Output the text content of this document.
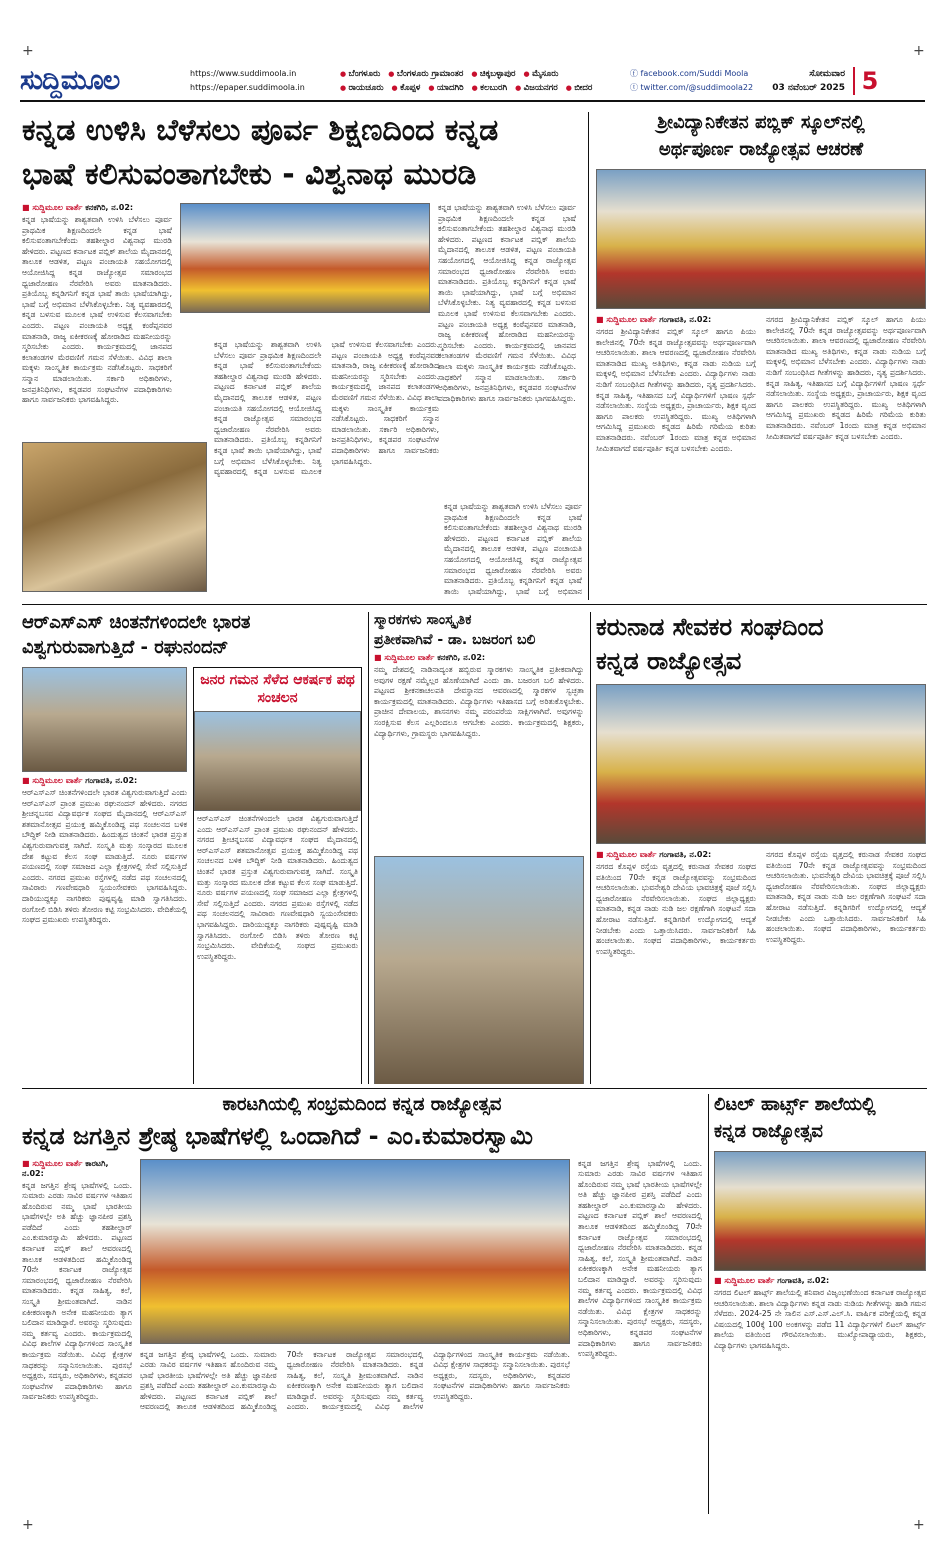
+	+
ಸುದ್ದಿಮೂಲ	https://www.suddimoola.in
https://epaper.suddimoola.in
● ಬೆಂಗಳೂರು ● ಬೆಂಗಳೂರು ಗ್ರಾಮಾಂತರ ● ಚಿಕ್ಕಬಳ್ಳಾಪುರ ● ಮೈಸೂರು
● ರಾಯಚೂರು ● ಕೊಪ್ಪಳ ● ಯಾದಗಿರಿ ● ಕಲಬುರಗಿ ● ವಿಜಯನಗರ ● ಬೀದರ
ⓕ facebook.com/Suddi Moola
ⓣ twitter.com/@suddimoola22
ಸೋಮವಾರ
03 ನವೆಂಬರ್ 2025 5
ಕನ್ನಡ ಉಳಿಸಿ ಬೆಳೆಸಲು ಪೂರ್ವ ಶಿಕ್ಷಣದಿಂದ ಕನ್ನಡ
ಭಾಷೆ ಕಲಿಸುವಂತಾಗಬೇಕು - ವಿಶ್ವನಾಥ ಮುರಡಿ
■ ಸುದ್ದಿಮೂಲ ವಾರ್ತೆ ಕನಕಗಿರಿ, ನ.02:
ಕನ್ನಡ ಭಾಷೆಯನ್ನು ಶಾಶ್ವತವಾಗಿ ಉಳಿಸಿ ಬೆಳೆಸಲು ಪೂರ್ವ ಪ್ರಾಥಮಿಕ ಶಿಕ್ಷಣದಿಂದಲೇ ಕನ್ನಡ ಭಾಷೆ ಕಲಿಸುವಂತಾಗಬೇಕೆಂದು ತಹಶೀಲ್ದಾರ ವಿಶ್ವನಾಥ ಮುರಡಿ ಹೇಳಿದರು. ಪಟ್ಟಣದ ಕರ್ನಾಟಕ ಪಬ್ಲಿಕ್ ಶಾಲೆಯ ಮೈದಾನದಲ್ಲಿ ತಾಲೂಕ ಆಡಳಿತ, ಪಟ್ಟಣ ಪಂಚಾಯತಿ ಸಹಯೋಗದಲ್ಲಿ ಆಯೋಜಿಸಿದ್ದ ಕನ್ನಡ ರಾಜ್ಯೋತ್ಸವ ಸಮಾರಂಭದ ಧ್ವಜಾರೋಹಣ ನೆರವೇರಿಸಿ ಅವರು ಮಾತನಾಡಿದರು. ಪ್ರತಿಯೊಬ್ಬ ಕನ್ನಡಿಗನಿಗೆ ಕನ್ನಡ ಭಾಷೆ ತಾಯಿ ಭಾಷೆಯಾಗಿದ್ದು, ಭಾಷೆ ಬಗ್ಗೆ ಅಭಿಮಾನ ಬೆಳೆಸಿಕೊಳ್ಳಬೇಕು. ನಿತ್ಯ ವ್ಯವಹಾರದಲ್ಲಿ ಕನ್ನಡ ಬಳಸುವ ಮೂಲಕ ಭಾಷೆ ಉಳಿಸುವ ಕೆಲಸವಾಗಬೇಕು ಎಂದರು. ಪಟ್ಟಣ ಪಂಚಾಯತಿ ಅಧ್ಯಕ್ಷ ಕಂಠೆಪ್ಪನವರ ಮಾತನಾಡಿ, ರಾಜ್ಯ ಏಕೀಕರಣಕ್ಕೆ ಹೋರಾಡಿದ ಮಹನೀಯರನ್ನು ಸ್ಮರಿಸಬೇಕು ಎಂದರು. ಕಾರ್ಯಕ್ರಮದಲ್ಲಿ ಜಾನಪದ ಕಲಾತಂಡಗಳ ಮೆರವಣಿಗೆ ಗಮನ ಸೆಳೆಯಿತು. ವಿವಿಧ ಶಾಲಾ ಮಕ್ಕಳು ಸಾಂಸ್ಕೃತಿಕ ಕಾರ್ಯಕ್ರಮ ನಡೆಸಿಕೊಟ್ಟರು. ಸಾಧಕರಿಗೆ ಸನ್ಮಾನ ಮಾಡಲಾಯಿತು. ಸರ್ಕಾರಿ ಅಧಿಕಾರಿಗಳು, ಜನಪ್ರತಿನಿಧಿಗಳು, ಕನ್ನಡಪರ ಸಂಘಟನೆಗಳ ಪದಾಧಿಕಾರಿಗಳು ಹಾಗೂ ಸಾರ್ವಜನಿಕರು ಭಾಗವಹಿಸಿದ್ದರು.
ಕನ್ನಡ ಭಾಷೆಯನ್ನು ಶಾಶ್ವತವಾಗಿ ಉಳಿಸಿ ಬೆಳೆಸಲು ಪೂರ್ವ ಪ್ರಾಥಮಿಕ ಶಿಕ್ಷಣದಿಂದಲೇ ಕನ್ನಡ ಭಾಷೆ ಕಲಿಸುವಂತಾಗಬೇಕೆಂದು ತಹಶೀಲ್ದಾರ ವಿಶ್ವನಾಥ ಮುರಡಿ ಹೇಳಿದರು. ಪಟ್ಟಣದ ಕರ್ನಾಟಕ ಪಬ್ಲಿಕ್ ಶಾಲೆಯ ಮೈದಾನದಲ್ಲಿ ತಾಲೂಕ ಆಡಳಿತ, ಪಟ್ಟಣ ಪಂಚಾಯತಿ ಸಹಯೋಗದಲ್ಲಿ ಆಯೋಜಿಸಿದ್ದ ಕನ್ನಡ ರಾಜ್ಯೋತ್ಸವ ಸಮಾರಂಭದ ಧ್ವಜಾರೋಹಣ ನೆರವೇರಿಸಿ ಅವರು ಮಾತನಾಡಿದರು. ಪ್ರತಿಯೊಬ್ಬ ಕನ್ನಡಿಗನಿಗೆ ಕನ್ನಡ ಭಾಷೆ ತಾಯಿ ಭಾಷೆಯಾಗಿದ್ದು, ಭಾಷೆ ಬಗ್ಗೆ ಅಭಿಮಾನ ಬೆಳೆಸಿಕೊಳ್ಳಬೇಕು. ನಿತ್ಯ ವ್ಯವಹಾರದಲ್ಲಿ ಕನ್ನಡ ಬಳಸುವ ಮೂಲಕ ಭಾಷೆ ಉಳಿಸುವ ಕೆಲಸವಾಗಬೇಕು ಎಂದರು. ಪಟ್ಟಣ ಪಂಚಾಯತಿ ಅಧ್ಯಕ್ಷ ಕಂಠೆಪ್ಪನವರ ಮಾತನಾಡಿ, ರಾಜ್ಯ ಏಕೀಕರಣಕ್ಕೆ ಹೋರಾಡಿದ ಮಹನೀಯರನ್ನು ಸ್ಮರಿಸಬೇಕು ಎಂದರು. ಕಾರ್ಯಕ್ರಮದಲ್ಲಿ ಜಾನಪದ ಕಲಾತಂಡಗಳ ಮೆರವಣಿಗೆ ಗಮನ ಸೆಳೆಯಿತು. ವಿವಿಧ ಶಾಲಾ ಮಕ್ಕಳು ಸಾಂಸ್ಕೃತಿಕ ಕಾರ್ಯಕ್ರಮ ನಡೆಸಿಕೊಟ್ಟರು. ಸಾಧಕರಿಗೆ ಸನ್ಮಾನ ಮಾಡಲಾಯಿತು. ಸರ್ಕಾರಿ ಅಧಿಕಾರಿಗಳು, ಜನಪ್ರತಿನಿಧಿಗಳು, ಕನ್ನಡಪರ ಸಂಘಟನೆಗಳ ಪದಾಧಿಕಾರಿಗಳು ಹಾಗೂ ಸಾರ್ವಜನಿಕರು ಭಾಗವಹಿಸಿದ್ದರು.
ಕನ್ನಡ ಭಾಷೆಯನ್ನು ಶಾಶ್ವತವಾಗಿ ಉಳಿಸಿ ಬೆಳೆಸಲು ಪೂರ್ವ ಪ್ರಾಥಮಿಕ ಶಿಕ್ಷಣದಿಂದಲೇ ಕನ್ನಡ ಭಾಷೆ ಕಲಿಸುವಂತಾಗಬೇಕೆಂದು ತಹಶೀಲ್ದಾರ ವಿಶ್ವನಾಥ ಮುರಡಿ ಹೇಳಿದರು. ಪಟ್ಟಣದ ಕರ್ನಾಟಕ ಪಬ್ಲಿಕ್ ಶಾಲೆಯ ಮೈದಾನದಲ್ಲಿ ತಾಲೂಕ ಆಡಳಿತ, ಪಟ್ಟಣ ಪಂಚಾಯತಿ ಸಹಯೋಗದಲ್ಲಿ ಆಯೋಜಿಸಿದ್ದ ಕನ್ನಡ ರಾಜ್ಯೋತ್ಸವ ಸಮಾರಂಭದ ಧ್ವಜಾರೋಹಣ ನೆರವೇರಿಸಿ ಅವರು ಮಾತನಾಡಿದರು. ಪ್ರತಿಯೊಬ್ಬ ಕನ್ನಡಿಗನಿಗೆ ಕನ್ನಡ ಭಾಷೆ ತಾಯಿ ಭಾಷೆಯಾಗಿದ್ದು, ಭಾಷೆ ಬಗ್ಗೆ ಅಭಿಮಾನ ಬೆಳೆಸಿಕೊಳ್ಳಬೇಕು. ನಿತ್ಯ ವ್ಯವಹಾರದಲ್ಲಿ ಕನ್ನಡ ಬಳಸುವ ಮೂಲಕ ಭಾಷೆ ಉಳಿಸುವ ಕೆಲಸವಾಗಬೇಕು ಎಂದರು. ಪಟ್ಟಣ ಪಂಚಾಯತಿ ಅಧ್ಯಕ್ಷ ಕಂಠೆಪ್ಪನವರ ಮಾತನಾಡಿ, ರಾಜ್ಯ ಏಕೀಕರಣಕ್ಕೆ ಹೋರಾಡಿದ ಮಹನೀಯರನ್ನು ಸ್ಮರಿಸಬೇಕು ಎಂದರು. ಕಾರ್ಯಕ್ರಮದಲ್ಲಿ ಜಾನಪದ ಕಲಾತಂಡಗಳ ಮೆರವಣಿಗೆ ಗಮನ ಸೆಳೆಯಿತು. ವಿವಿಧ ಶಾಲಾ ಮಕ್ಕಳು ಸಾಂಸ್ಕೃತಿಕ ಕಾರ್ಯಕ್ರಮ ನಡೆಸಿಕೊಟ್ಟರು. ಸಾಧಕರಿಗೆ ಸನ್ಮಾನ ಮಾಡಲಾಯಿತು. ಸರ್ಕಾರಿ ಅಧಿಕಾರಿಗಳು, ಜನಪ್ರತಿನಿಧಿಗಳು, ಕನ್ನಡಪರ ಸಂಘಟನೆಗಳ ಪದಾಧಿಕಾರಿಗಳು ಹಾಗೂ ಸಾರ್ವಜನಿಕರು ಭಾಗವಹಿಸಿದ್ದರು.
ಕನ್ನಡ ಭಾಷೆಯನ್ನು ಶಾಶ್ವತವಾಗಿ ಉಳಿಸಿ ಬೆಳೆಸಲು ಪೂರ್ವ ಪ್ರಾಥಮಿಕ ಶಿಕ್ಷಣದಿಂದಲೇ ಕನ್ನಡ ಭಾಷೆ ಕಲಿಸುವಂತಾಗಬೇಕೆಂದು ತಹಶೀಲ್ದಾರ ವಿಶ್ವನಾಥ ಮುರಡಿ ಹೇಳಿದರು. ಪಟ್ಟಣದ ಕರ್ನಾಟಕ ಪಬ್ಲಿಕ್ ಶಾಲೆಯ ಮೈದಾನದಲ್ಲಿ ತಾಲೂಕ ಆಡಳಿತ, ಪಟ್ಟಣ ಪಂಚಾಯತಿ ಸಹಯೋಗದಲ್ಲಿ ಆಯೋಜಿಸಿದ್ದ ಕನ್ನಡ ರಾಜ್ಯೋತ್ಸವ ಸಮಾರಂಭದ ಧ್ವಜಾರೋಹಣ ನೆರವೇರಿಸಿ ಅವರು ಮಾತನಾಡಿದರು. ಪ್ರತಿಯೊಬ್ಬ ಕನ್ನಡಿಗನಿಗೆ ಕನ್ನಡ ಭಾಷೆ ತಾಯಿ ಭಾಷೆಯಾಗಿದ್ದು, ಭಾಷೆ ಬಗ್ಗೆ ಅಭಿಮಾನ
ಶ್ರೀವಿದ್ಯಾನಿಕೇತನ ಪಬ್ಲಿಕ್ ಸ್ಕೂಲ್‌ನಲ್ಲಿ
ಅರ್ಥಪೂರ್ಣ ರಾಜ್ಯೋತ್ಸವ ಆಚರಣೆ
■ ಸುದ್ದಿಮೂಲ ವಾರ್ತೆ ಗಂಗಾವತಿ, ನ.02:
ನಗರದ ಶ್ರೀವಿದ್ಯಾನಿಕೇತನ ಪಬ್ಲಿಕ್ ಸ್ಕೂಲ್ ಹಾಗೂ ಪಿಯು ಕಾಲೇಜಿನಲ್ಲಿ 70ನೇ ಕನ್ನಡ ರಾಜ್ಯೋತ್ಸವವನ್ನು ಅರ್ಥಪೂರ್ಣವಾಗಿ ಆಚರಿಸಲಾಯಿತು. ಶಾಲಾ ಆವರಣದಲ್ಲಿ ಧ್ವಜಾರೋಹಣ ನೆರವೇರಿಸಿ ಮಾತನಾಡಿದ ಮುಖ್ಯ ಅತಿಥಿಗಳು, ಕನ್ನಡ ನಾಡು ನುಡಿಯ ಬಗ್ಗೆ ಮಕ್ಕಳಲ್ಲಿ ಅಭಿಮಾನ ಬೆಳೆಸಬೇಕು ಎಂದರು. ವಿದ್ಯಾರ್ಥಿಗಳು ನಾಡು ನುಡಿಗೆ ಸಂಬಂಧಿಸಿದ ಗೀತೆಗಳನ್ನು ಹಾಡಿದರು, ನೃತ್ಯ ಪ್ರದರ್ಶಿಸಿದರು. ಕನ್ನಡ ಸಾಹಿತ್ಯ, ಇತಿಹಾಸದ ಬಗ್ಗೆ ವಿದ್ಯಾರ್ಥಿಗಳಿಗೆ ಭಾಷಣ ಸ್ಪರ್ಧೆ ನಡೆಸಲಾಯಿತು. ಸಂಸ್ಥೆಯ ಅಧ್ಯಕ್ಷರು, ಪ್ರಾಚಾರ್ಯರು, ಶಿಕ್ಷಕ ವೃಂದ ಹಾಗೂ ಪಾಲಕರು ಉಪಸ್ಥಿತರಿದ್ದರು. ಮುಖ್ಯ ಅತಿಥಿಗಳಾಗಿ ಆಗಮಿಸಿದ್ದ ಪ್ರಮುಖರು ಕನ್ನಡದ ಹಿರಿಮೆ ಗರಿಮೆಯ ಕುರಿತು ಮಾತನಾಡಿದರು. ನವೆಂಬರ್ 1ರಂದು ಮಾತ್ರ ಕನ್ನಡ ಅಭಿಮಾನ ಸೀಮಿತವಾಗದೆ ವರ್ಷಪೂರ್ತಿ ಕನ್ನಡ ಬಳಸಬೇಕು ಎಂದರು.
ನಗರದ ಶ್ರೀವಿದ್ಯಾನಿಕೇತನ ಪಬ್ಲಿಕ್ ಸ್ಕೂಲ್ ಹಾಗೂ ಪಿಯು ಕಾಲೇಜಿನಲ್ಲಿ 70ನೇ ಕನ್ನಡ ರಾಜ್ಯೋತ್ಸವವನ್ನು ಅರ್ಥಪೂರ್ಣವಾಗಿ ಆಚರಿಸಲಾಯಿತು. ಶಾಲಾ ಆವರಣದಲ್ಲಿ ಧ್ವಜಾರೋಹಣ ನೆರವೇರಿಸಿ ಮಾತನಾಡಿದ ಮುಖ್ಯ ಅತಿಥಿಗಳು, ಕನ್ನಡ ನಾಡು ನುಡಿಯ ಬಗ್ಗೆ ಮಕ್ಕಳಲ್ಲಿ ಅಭಿಮಾನ ಬೆಳೆಸಬೇಕು ಎಂದರು. ವಿದ್ಯಾರ್ಥಿಗಳು ನಾಡು ನುಡಿಗೆ ಸಂಬಂಧಿಸಿದ ಗೀತೆಗಳನ್ನು ಹಾಡಿದರು, ನೃತ್ಯ ಪ್ರದರ್ಶಿಸಿದರು. ಕನ್ನಡ ಸಾಹಿತ್ಯ, ಇತಿಹಾಸದ ಬಗ್ಗೆ ವಿದ್ಯಾರ್ಥಿಗಳಿಗೆ ಭಾಷಣ ಸ್ಪರ್ಧೆ ನಡೆಸಲಾಯಿತು. ಸಂಸ್ಥೆಯ ಅಧ್ಯಕ್ಷರು, ಪ್ರಾಚಾರ್ಯರು, ಶಿಕ್ಷಕ ವೃಂದ ಹಾಗೂ ಪಾಲಕರು ಉಪಸ್ಥಿತರಿದ್ದರು. ಮುಖ್ಯ ಅತಿಥಿಗಳಾಗಿ ಆಗಮಿಸಿದ್ದ ಪ್ರಮುಖರು ಕನ್ನಡದ ಹಿರಿಮೆ ಗರಿಮೆಯ ಕುರಿತು ಮಾತನಾಡಿದರು. ನವೆಂಬರ್ 1ರಂದು ಮಾತ್ರ ಕನ್ನಡ ಅಭಿಮಾನ ಸೀಮಿತವಾಗದೆ ವರ್ಷಪೂರ್ತಿ ಕನ್ನಡ ಬಳಸಬೇಕು ಎಂದರು.
ಆರ್‌ಎಸ್‌ಎಸ್ ಚಿಂತನೆಗಳಿಂದಲೇ ಭಾರತ
ವಿಶ್ವಗುರುವಾಗುತ್ತಿದೆ - ರಘುನಂದನ್
■ ಸುದ್ದಿಮೂಲ ವಾರ್ತೆ ಗಂಗಾವತಿ, ನ.02:
ಆರ್‌ಎಸ್‌ಎಸ್ ಚಿಂತನೆಗಳಿಂದಲೇ ಭಾರತ ವಿಶ್ವಗುರುವಾಗುತ್ತಿದೆ ಎಂದು ಆರ್‌ಎಸ್‌ಎಸ್ ಪ್ರಾಂತ ಪ್ರಮುಖ ರಘುನಂದನ್ ಹೇಳಿದರು. ನಗರದ ಶ್ರೀಚನ್ನಬಸವ ವಿದ್ಯಾವರ್ಧಕ ಸಂಘದ ಮೈದಾನದಲ್ಲಿ ಆರ್‌ಎಸ್‌ಎಸ್ ಶತಮಾನೋತ್ಸವ ಪ್ರಯುಕ್ತ ಹಮ್ಮಿಕೊಂಡಿದ್ದ ಪಥ ಸಂಚಲನದ ಬಳಿಕ ಬೌದ್ಧಿಕ್ ನೀಡಿ ಮಾತನಾಡಿದರು. ಹಿಂದುತ್ವದ ಚಿಂತನೆ ಭಾರತ ಪ್ರಸ್ತುತ ವಿಶ್ವಗುರುವಾಗುವತ್ತ ಸಾಗಿದೆ. ಸಂಸ್ಕೃತಿ ಮತ್ತು ಸಂಸ್ಕಾರದ ಮೂಲಕ ದೇಶ ಕಟ್ಟುವ ಕೆಲಸ ಸಂಘ ಮಾಡುತ್ತಿದೆ. ನೂರು ವರ್ಷಗಳ ಪಯಣದಲ್ಲಿ ಸಂಘ ಸಮಾಜದ ಎಲ್ಲಾ ಕ್ಷೇತ್ರಗಳಲ್ಲಿ ಸೇವೆ ಸಲ್ಲಿಸುತ್ತಿದೆ ಎಂದರು. ನಗರದ ಪ್ರಮುಖ ರಸ್ತೆಗಳಲ್ಲಿ ನಡೆದ ಪಥ ಸಂಚಲನದಲ್ಲಿ ಸಾವಿರಾರು ಗಣವೇಷಧಾರಿ ಸ್ವಯಂಸೇವಕರು ಭಾಗವಹಿಸಿದ್ದರು. ದಾರಿಯುದ್ದಕ್ಕೂ ನಾಗರಿಕರು ಪುಷ್ಪವೃಷ್ಟಿ ಮಾಡಿ ಸ್ವಾಗತಿಸಿದರು. ರಂಗೋಲಿ ಬಿಡಿಸಿ ತಳಿರು ತೋರಣ ಕಟ್ಟಿ ಸಂಭ್ರಮಿಸಿದರು. ವೇದಿಕೆಯಲ್ಲಿ ಸಂಘದ ಪ್ರಮುಖರು ಉಪಸ್ಥಿತರಿದ್ದರು.
ಜನರ ಗಮನ ಸೆಳೆದ ಆಕರ್ಷಕ ಪಥ ಸಂಚಲನ
ಆರ್‌ಎಸ್‌ಎಸ್ ಚಿಂತನೆಗಳಿಂದಲೇ ಭಾರತ ವಿಶ್ವಗುರುವಾಗುತ್ತಿದೆ ಎಂದು ಆರ್‌ಎಸ್‌ಎಸ್ ಪ್ರಾಂತ ಪ್ರಮುಖ ರಘುನಂದನ್ ಹೇಳಿದರು. ನಗರದ ಶ್ರೀಚನ್ನಬಸವ ವಿದ್ಯಾವರ್ಧಕ ಸಂಘದ ಮೈದಾನದಲ್ಲಿ ಆರ್‌ಎಸ್‌ಎಸ್ ಶತಮಾನೋತ್ಸವ ಪ್ರಯುಕ್ತ ಹಮ್ಮಿಕೊಂಡಿದ್ದ ಪಥ ಸಂಚಲನದ ಬಳಿಕ ಬೌದ್ಧಿಕ್ ನೀಡಿ ಮಾತನಾಡಿದರು. ಹಿಂದುತ್ವದ ಚಿಂತನೆ ಭಾರತ ಪ್ರಸ್ತುತ ವಿಶ್ವಗುರುವಾಗುವತ್ತ ಸಾಗಿದೆ. ಸಂಸ್ಕೃತಿ ಮತ್ತು ಸಂಸ್ಕಾರದ ಮೂಲಕ ದೇಶ ಕಟ್ಟುವ ಕೆಲಸ ಸಂಘ ಮಾಡುತ್ತಿದೆ. ನೂರು ವರ್ಷಗಳ ಪಯಣದಲ್ಲಿ ಸಂಘ ಸಮಾಜದ ಎಲ್ಲಾ ಕ್ಷೇತ್ರಗಳಲ್ಲಿ ಸೇವೆ ಸಲ್ಲಿಸುತ್ತಿದೆ ಎಂದರು. ನಗರದ ಪ್ರಮುಖ ರಸ್ತೆಗಳಲ್ಲಿ ನಡೆದ ಪಥ ಸಂಚಲನದಲ್ಲಿ ಸಾವಿರಾರು ಗಣವೇಷಧಾರಿ ಸ್ವಯಂಸೇವಕರು ಭಾಗವಹಿಸಿದ್ದರು. ದಾರಿಯುದ್ದಕ್ಕೂ ನಾಗರಿಕರು ಪುಷ್ಪವೃಷ್ಟಿ ಮಾಡಿ ಸ್ವಾಗತಿಸಿದರು. ರಂಗೋಲಿ ಬಿಡಿಸಿ ತಳಿರು ತೋರಣ ಕಟ್ಟಿ ಸಂಭ್ರಮಿಸಿದರು. ವೇದಿಕೆಯಲ್ಲಿ ಸಂಘದ ಪ್ರಮುಖರು ಉಪಸ್ಥಿತರಿದ್ದರು.
ಸ್ಮಾರಕಗಳು ಸಾಂಸ್ಕೃತಿಕ
ಪ್ರತೀಕವಾಗಿವೆ - ಡಾ. ಬಜರಂಗ ಬಲಿ
■ ಸುದ್ದಿಮೂಲ ವಾರ್ತೆ ಕನಕಗಿರಿ, ನ.02:
ನಮ್ಮ ದೇಶದಲ್ಲಿ ನಾಡಿನಾದ್ಯಂತ ಹಬ್ಬಿರುವ ಸ್ಮಾರಕಗಳು ಸಾಂಸ್ಕೃತಿಕ ಪ್ರತೀಕವಾಗಿದ್ದು ಅವುಗಳ ರಕ್ಷಣೆ ನಮ್ಮೆಲ್ಲರ ಹೊಣೆಯಾಗಿದೆ ಎಂದು ಡಾ. ಬಜರಂಗ ಬಲಿ ಹೇಳಿದರು. ಪಟ್ಟಣದ ಶ್ರೀಕನಕಾಚಲಪತಿ ದೇವಸ್ಥಾನದ ಆವರಣದಲ್ಲಿ ಸ್ಮಾರಕಗಳ ಸ್ವಚ್ಛತಾ ಕಾರ್ಯಕ್ರಮದಲ್ಲಿ ಮಾತನಾಡಿದರು. ವಿದ್ಯಾರ್ಥಿಗಳು ಇತಿಹಾಸದ ಬಗ್ಗೆ ಅರಿತುಕೊಳ್ಳಬೇಕು. ಪ್ರಾಚೀನ ದೇವಾಲಯ, ಶಾಸನಗಳು ನಮ್ಮ ಪರಂಪರೆಯ ಸಾಕ್ಷಿಗಳಾಗಿವೆ. ಅವುಗಳನ್ನು ಸಂರಕ್ಷಿಸುವ ಕೆಲಸ ಎಲ್ಲರಿಂದಲೂ ಆಗಬೇಕು ಎಂದರು. ಕಾರ್ಯಕ್ರಮದಲ್ಲಿ ಶಿಕ್ಷಕರು, ವಿದ್ಯಾರ್ಥಿಗಳು, ಗ್ರಾಮಸ್ಥರು ಭಾಗವಹಿಸಿದ್ದರು.
ಕರುನಾಡ ಸೇವಕರ ಸಂಘದಿಂದ
ಕನ್ನಡ ರಾಜ್ಯೋತ್ಸವ
■ ಸುದ್ದಿಮೂಲ ವಾರ್ತೆ ಗಂಗಾವತಿ, ನ.02:
ನಗರದ ಕೊಪ್ಪಳ ರಸ್ತೆಯ ವೃತ್ತದಲ್ಲಿ ಕರುನಾಡ ಸೇವಕರ ಸಂಘದ ವತಿಯಿಂದ 70ನೇ ಕನ್ನಡ ರಾಜ್ಯೋತ್ಸವವನ್ನು ಸಂಭ್ರಮದಿಂದ ಆಚರಿಸಲಾಯಿತು. ಭುವನೇಶ್ವರಿ ದೇವಿಯ ಭಾವಚಿತ್ರಕ್ಕೆ ಪೂಜೆ ಸಲ್ಲಿಸಿ ಧ್ವಜಾರೋಹಣ ನೆರವೇರಿಸಲಾಯಿತು. ಸಂಘದ ಜಿಲ್ಲಾಧ್ಯಕ್ಷರು ಮಾತನಾಡಿ, ಕನ್ನಡ ನಾಡು ನುಡಿ ಜಲ ರಕ್ಷಣೆಗಾಗಿ ಸಂಘಟನೆ ಸದಾ ಹೋರಾಟ ನಡೆಸುತ್ತಿದೆ. ಕನ್ನಡಿಗರಿಗೆ ಉದ್ಯೋಗದಲ್ಲಿ ಆದ್ಯತೆ ನೀಡಬೇಕು ಎಂದು ಒತ್ತಾಯಿಸಿದರು. ಸಾರ್ವಜನಿಕರಿಗೆ ಸಿಹಿ ಹಂಚಲಾಯಿತು. ಸಂಘದ ಪದಾಧಿಕಾರಿಗಳು, ಕಾರ್ಯಕರ್ತರು ಉಪಸ್ಥಿತರಿದ್ದರು.
ನಗರದ ಕೊಪ್ಪಳ ರಸ್ತೆಯ ವೃತ್ತದಲ್ಲಿ ಕರುನಾಡ ಸೇವಕರ ಸಂಘದ ವತಿಯಿಂದ 70ನೇ ಕನ್ನಡ ರಾಜ್ಯೋತ್ಸವವನ್ನು ಸಂಭ್ರಮದಿಂದ ಆಚರಿಸಲಾಯಿತು. ಭುವನೇಶ್ವರಿ ದೇವಿಯ ಭಾವಚಿತ್ರಕ್ಕೆ ಪೂಜೆ ಸಲ್ಲಿಸಿ ಧ್ವಜಾರೋಹಣ ನೆರವೇರಿಸಲಾಯಿತು. ಸಂಘದ ಜಿಲ್ಲಾಧ್ಯಕ್ಷರು ಮಾತನಾಡಿ, ಕನ್ನಡ ನಾಡು ನುಡಿ ಜಲ ರಕ್ಷಣೆಗಾಗಿ ಸಂಘಟನೆ ಸದಾ ಹೋರಾಟ ನಡೆಸುತ್ತಿದೆ. ಕನ್ನಡಿಗರಿಗೆ ಉದ್ಯೋಗದಲ್ಲಿ ಆದ್ಯತೆ ನೀಡಬೇಕು ಎಂದು ಒತ್ತಾಯಿಸಿದರು. ಸಾರ್ವಜನಿಕರಿಗೆ ಸಿಹಿ ಹಂಚಲಾಯಿತು. ಸಂಘದ ಪದಾಧಿಕಾರಿಗಳು, ಕಾರ್ಯಕರ್ತರು ಉಪಸ್ಥಿತರಿದ್ದರು.
ಕಾರಟಗಿಯಲ್ಲಿ ಸಂಭ್ರಮದಿಂದ ಕನ್ನಡ ರಾಜ್ಯೋತ್ಸವ
ಕನ್ನಡ ಜಗತ್ತಿನ ಶ್ರೇಷ್ಠ ಭಾಷೆಗಳಲ್ಲಿ ಒಂದಾಗಿದೆ - ಎಂ.ಕುಮಾರಸ್ವಾಮಿ
■ ಸುದ್ದಿಮೂಲ ವಾರ್ತೆ ಕಾರಟಗಿ, ನ.02:
ಕನ್ನಡ ಜಗತ್ತಿನ ಶ್ರೇಷ್ಠ ಭಾಷೆಗಳಲ್ಲಿ ಒಂದು. ಸುಮಾರು ಎರಡು ಸಾವಿರ ವರ್ಷಗಳ ಇತಿಹಾಸ ಹೊಂದಿರುವ ನಮ್ಮ ಭಾಷೆ ಭಾರತೀಯ ಭಾಷೆಗಳಲ್ಲೇ ಅತಿ ಹೆಚ್ಚು ಜ್ಞಾನಪೀಠ ಪ್ರಶಸ್ತಿ ಪಡೆದಿದೆ ಎಂದು ತಹಶೀಲ್ದಾರ್ ಎಂ.ಕುಮಾರಸ್ವಾಮಿ ಹೇಳಿದರು. ಪಟ್ಟಣದ ಕರ್ನಾಟಕ ಪಬ್ಲಿಕ್ ಶಾಲೆ ಆವರಣದಲ್ಲಿ ತಾಲೂಕ ಆಡಳಿತದಿಂದ ಹಮ್ಮಿಕೊಂಡಿದ್ದ 70ನೇ ಕರ್ನಾಟಕ ರಾಜ್ಯೋತ್ಸವ ಸಮಾರಂಭದಲ್ಲಿ ಧ್ವಜಾರೋಹಣ ನೆರವೇರಿಸಿ ಮಾತನಾಡಿದರು. ಕನ್ನಡ ಸಾಹಿತ್ಯ, ಕಲೆ, ಸಂಸ್ಕೃತಿ ಶ್ರೀಮಂತವಾಗಿದೆ. ನಾಡಿನ ಏಕೀಕರಣಕ್ಕಾಗಿ ಅನೇಕ ಮಹನೀಯರು ತ್ಯಾಗ ಬಲಿದಾನ ಮಾಡಿದ್ದಾರೆ. ಅವರನ್ನು ಸ್ಮರಿಸುವುದು ನಮ್ಮ ಕರ್ತವ್ಯ ಎಂದರು. ಕಾರ್ಯಕ್ರಮದಲ್ಲಿ ವಿವಿಧ ಶಾಲೆಗಳ ವಿದ್ಯಾರ್ಥಿಗಳಿಂದ ಸಾಂಸ್ಕೃತಿಕ ಕಾರ್ಯಕ್ರಮ ನಡೆಯಿತು. ವಿವಿಧ ಕ್ಷೇತ್ರಗಳ ಸಾಧಕರನ್ನು ಸನ್ಮಾನಿಸಲಾಯಿತು. ಪುರಸಭೆ ಅಧ್ಯಕ್ಷರು, ಸದಸ್ಯರು, ಅಧಿಕಾರಿಗಳು, ಕನ್ನಡಪರ ಸಂಘಟನೆಗಳ ಪದಾಧಿಕಾರಿಗಳು ಹಾಗೂ ಸಾರ್ವಜನಿಕರು ಉಪಸ್ಥಿತರಿದ್ದರು.
ಕನ್ನಡ ಜಗತ್ತಿನ ಶ್ರೇಷ್ಠ ಭಾಷೆಗಳಲ್ಲಿ ಒಂದು. ಸುಮಾರು ಎರಡು ಸಾವಿರ ವರ್ಷಗಳ ಇತಿಹಾಸ ಹೊಂದಿರುವ ನಮ್ಮ ಭಾಷೆ ಭಾರತೀಯ ಭಾಷೆಗಳಲ್ಲೇ ಅತಿ ಹೆಚ್ಚು ಜ್ಞಾನಪೀಠ ಪ್ರಶಸ್ತಿ ಪಡೆದಿದೆ ಎಂದು ತಹಶೀಲ್ದಾರ್ ಎಂ.ಕುಮಾರಸ್ವಾಮಿ ಹೇಳಿದರು. ಪಟ್ಟಣದ ಕರ್ನಾಟಕ ಪಬ್ಲಿಕ್ ಶಾಲೆ ಆವರಣದಲ್ಲಿ ತಾಲೂಕ ಆಡಳಿತದಿಂದ ಹಮ್ಮಿಕೊಂಡಿದ್ದ 70ನೇ ಕರ್ನಾಟಕ ರಾಜ್ಯೋತ್ಸವ ಸಮಾರಂಭದಲ್ಲಿ ಧ್ವಜಾರೋಹಣ ನೆರವೇರಿಸಿ ಮಾತನಾಡಿದರು. ಕನ್ನಡ ಸಾಹಿತ್ಯ, ಕಲೆ, ಸಂಸ್ಕೃತಿ ಶ್ರೀಮಂತವಾಗಿದೆ. ನಾಡಿನ ಏಕೀಕರಣಕ್ಕಾಗಿ ಅನೇಕ ಮಹನೀಯರು ತ್ಯಾಗ ಬಲಿದಾನ ಮಾಡಿದ್ದಾರೆ. ಅವರನ್ನು ಸ್ಮರಿಸುವುದು ನಮ್ಮ ಕರ್ತವ್ಯ ಎಂದರು. ಕಾರ್ಯಕ್ರಮದಲ್ಲಿ ವಿವಿಧ ಶಾಲೆಗಳ ವಿದ್ಯಾರ್ಥಿಗಳಿಂದ ಸಾಂಸ್ಕೃತಿಕ ಕಾರ್ಯಕ್ರಮ ನಡೆಯಿತು. ವಿವಿಧ ಕ್ಷೇತ್ರಗಳ ಸಾಧಕರನ್ನು ಸನ್ಮಾನಿಸಲಾಯಿತು. ಪುರಸಭೆ ಅಧ್ಯಕ್ಷರು, ಸದಸ್ಯರು, ಅಧಿಕಾರಿಗಳು, ಕನ್ನಡಪರ ಸಂಘಟನೆಗಳ ಪದಾಧಿಕಾರಿಗಳು ಹಾಗೂ ಸಾರ್ವಜನಿಕರು ಉಪಸ್ಥಿತರಿದ್ದರು.
ಕನ್ನಡ ಜಗತ್ತಿನ ಶ್ರೇಷ್ಠ ಭಾಷೆಗಳಲ್ಲಿ ಒಂದು. ಸುಮಾರು ಎರಡು ಸಾವಿರ ವರ್ಷಗಳ ಇತಿಹಾಸ ಹೊಂದಿರುವ ನಮ್ಮ ಭಾಷೆ ಭಾರತೀಯ ಭಾಷೆಗಳಲ್ಲೇ ಅತಿ ಹೆಚ್ಚು ಜ್ಞಾನಪೀಠ ಪ್ರಶಸ್ತಿ ಪಡೆದಿದೆ ಎಂದು ತಹಶೀಲ್ದಾರ್ ಎಂ.ಕುಮಾರಸ್ವಾಮಿ ಹೇಳಿದರು. ಪಟ್ಟಣದ ಕರ್ನಾಟಕ ಪಬ್ಲಿಕ್ ಶಾಲೆ ಆವರಣದಲ್ಲಿ ತಾಲೂಕ ಆಡಳಿತದಿಂದ ಹಮ್ಮಿಕೊಂಡಿದ್ದ 70ನೇ ಕರ್ನಾಟಕ ರಾಜ್ಯೋತ್ಸವ ಸಮಾರಂಭದಲ್ಲಿ ಧ್ವಜಾರೋಹಣ ನೆರವೇರಿಸಿ ಮಾತನಾಡಿದರು. ಕನ್ನಡ ಸಾಹಿತ್ಯ, ಕಲೆ, ಸಂಸ್ಕೃತಿ ಶ್ರೀಮಂತವಾಗಿದೆ. ನಾಡಿನ ಏಕೀಕರಣಕ್ಕಾಗಿ ಅನೇಕ ಮಹನೀಯರು ತ್ಯಾಗ ಬಲಿದಾನ ಮಾಡಿದ್ದಾರೆ. ಅವರನ್ನು ಸ್ಮರಿಸುವುದು ನಮ್ಮ ಕರ್ತವ್ಯ ಎಂದರು. ಕಾರ್ಯಕ್ರಮದಲ್ಲಿ ವಿವಿಧ ಶಾಲೆಗಳ ವಿದ್ಯಾರ್ಥಿಗಳಿಂದ ಸಾಂಸ್ಕೃತಿಕ ಕಾರ್ಯಕ್ರಮ ನಡೆಯಿತು. ವಿವಿಧ ಕ್ಷೇತ್ರಗಳ ಸಾಧಕರನ್ನು ಸನ್ಮಾನಿಸಲಾಯಿತು. ಪುರಸಭೆ ಅಧ್ಯಕ್ಷರು, ಸದಸ್ಯರು, ಅಧಿಕಾರಿಗಳು, ಕನ್ನಡಪರ ಸಂಘಟನೆಗಳ ಪದಾಧಿಕಾರಿಗಳು ಹಾಗೂ ಸಾರ್ವಜನಿಕರು ಉಪಸ್ಥಿತರಿದ್ದರು.
ಲಿಟಲ್ ಹಾರ್ಟ್ಸ್ ಶಾಲೆಯಲ್ಲಿ
ಕನ್ನಡ ರಾಜ್ಯೋತ್ಸವ
■ ಸುದ್ದಿಮೂಲ ವಾರ್ತೆ ಗಂಗಾವತಿ, ನ.02:
ನಗರದ ಲಿಟಲ್ ಹಾರ್ಟ್ಸ್ ಶಾಲೆಯಲ್ಲಿ ಶನಿವಾರ ವಿಜೃಂಭಣೆಯಿಂದ ಕರ್ನಾಟಕ ರಾಜ್ಯೋತ್ಸವ ಆಚರಿಸಲಾಯಿತು. ಶಾಲಾ ವಿದ್ಯಾರ್ಥಿಗಳು ಕನ್ನಡ ನಾಡು ನುಡಿಯ ಗೀತೆಗಳನ್ನು ಹಾಡಿ ಗಮನ ಸೆಳೆದರು. 2024-25 ನೇ ಸಾಲಿನ ಎಸ್.ಎಸ್.ಎಲ್.ಸಿ. ವಾರ್ಷಿಕ ಪರೀಕ್ಷೆಯಲ್ಲಿ ಕನ್ನಡ ವಿಷಯದಲ್ಲಿ 100ಕ್ಕೆ 100 ಅಂಕಗಳನ್ನು ಪಡೆದ 11 ವಿದ್ಯಾರ್ಥಿಗಳಿಗೆ ಲಿಟಲ್ ಹಾರ್ಟ್ಸ್ ಶಾಲೆಯ ವತಿಯಿಂದ ಗೌರವಿಸಲಾಯಿತು. ಮುಖ್ಯೋಪಾಧ್ಯಾಯರು, ಶಿಕ್ಷಕರು, ವಿದ್ಯಾರ್ಥಿಗಳು ಭಾಗವಹಿಸಿದ್ದರು.
+	+
